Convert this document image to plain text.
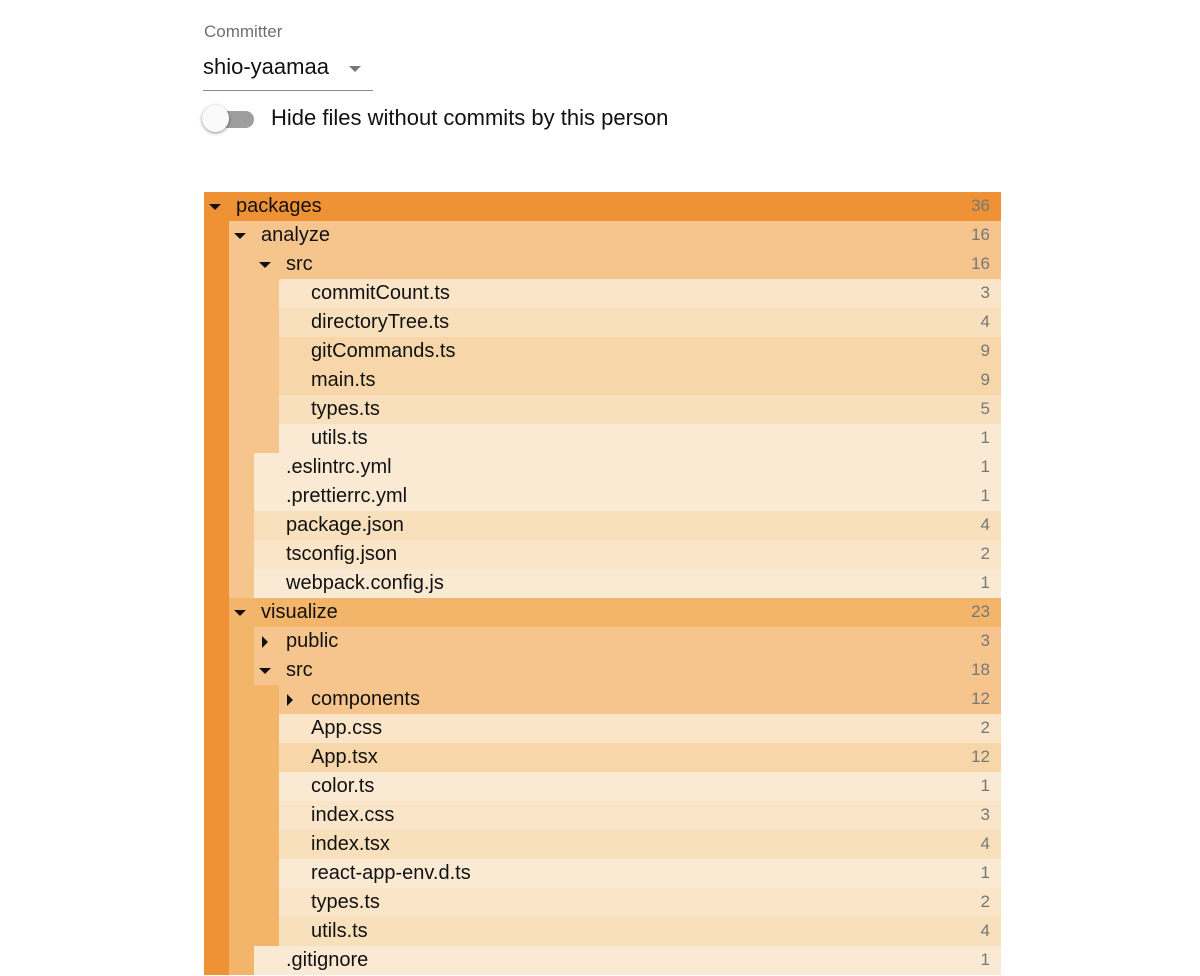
Committer
shio-yaamaa
Hide files without commits by this person
packages	36
analyze	16
src	16
commitCount.ts	3
directoryTree.ts	4
gitCommands.ts	9
main.ts	9
types.ts	5
utils.ts	1
.eslintrc.yml	1
.prettierrc.yml	1
package.json	4
tsconfig.json	2
webpack.config.js	1
visualize	23
public	3
src	18
components	12
App.css	2
App.tsx	12
color.ts	1
index.css	3
index.tsx	4
react-app-env.d.ts	1
types.ts	2
utils.ts	4
.gitignore	1
